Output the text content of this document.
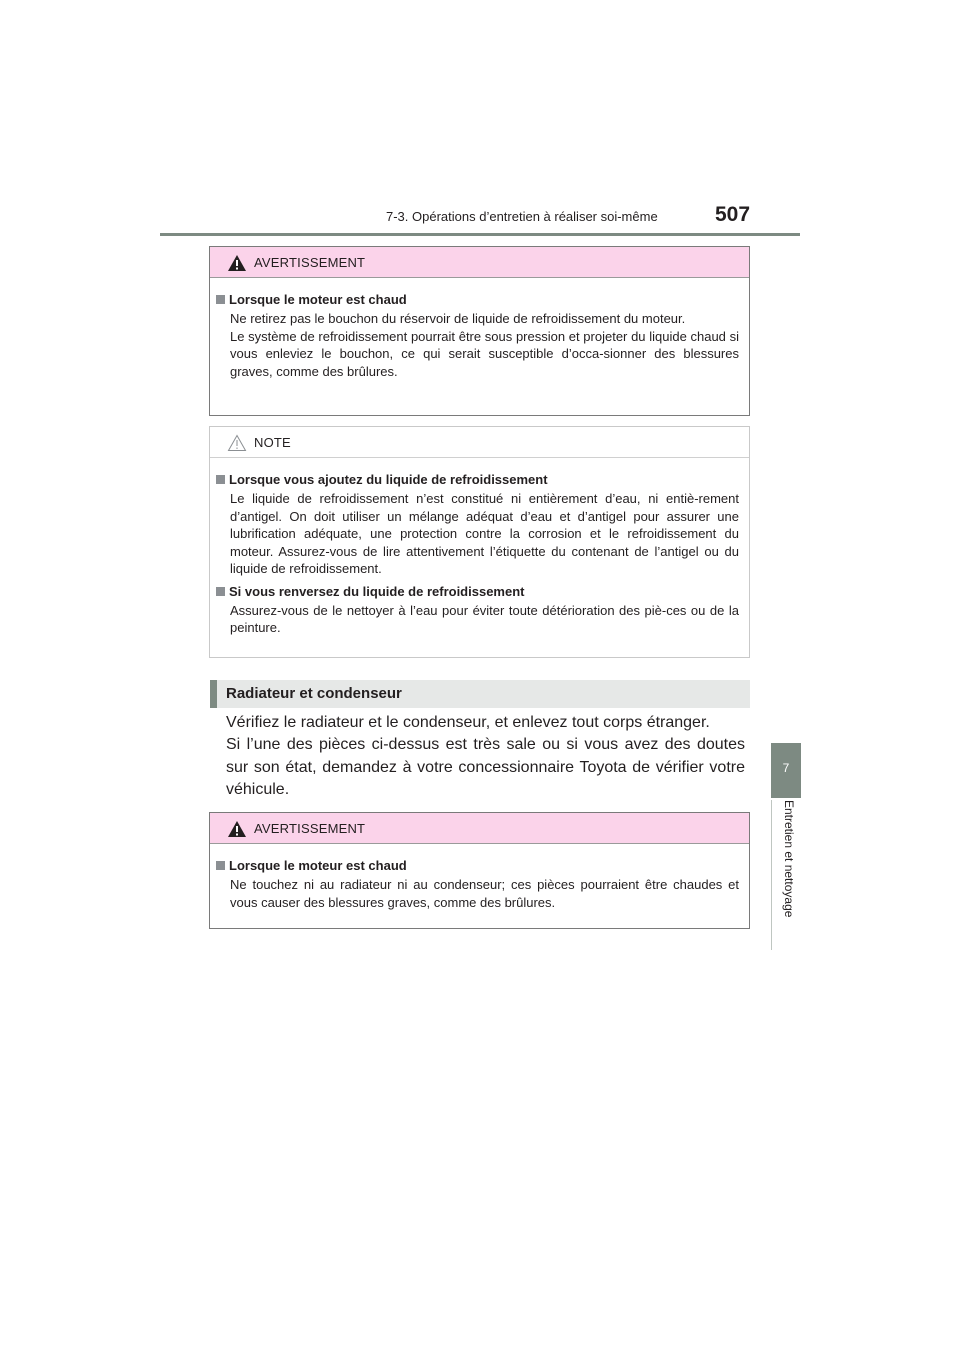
7-3. Opérations d’entretien à réaliser soi-même	507
7
Entretien et nettoyage
AVERTISSEMENT
Lorsque le moteur est chaud

Ne retirez pas le bouchon du réservoir de liquide de refroidissement du moteur.

Le système de refroidissement pourrait être sous pression et projeter du liquide chaud si vous enleviez le bouchon, ce qui serait susceptible d’occa-sionner des blessures graves, comme des brûlures.

NOTE
Lorsque vous ajoutez du liquide de refroidissement
Le liquide de refroidissement n’est constitué ni entièrement d’eau, ni entiè-rement d’antigel. On doit utiliser un mélange adéquat d’eau et d’antigel pour assurer une lubrification adéquate, une protection contre la corrosion et le refroidissement du moteur. Assurez-vous de lire attentivement l’étiquette du contenant de l’antigel ou du liquide de refroidissement.
Si vous renversez du liquide de refroidissement
Assurez-vous de le nettoyer à l’eau pour éviter toute détérioration des piè-ces ou de la peinture.
Radiateur et condenseur

Vérifiez le radiateur et le condenseur, et enlevez tout corps étranger.

Si l’une des pièces ci-dessus est très sale ou si vous avez des doutes sur son état, demandez à votre concessionnaire Toyota de vérifier votre véhicule.

AVERTISSEMENT
Lorsque le moteur est chaud
Ne touchez ni au radiateur ni au condenseur; ces pièces pourraient être chaudes et vous causer des blessures graves, comme des brûlures.
